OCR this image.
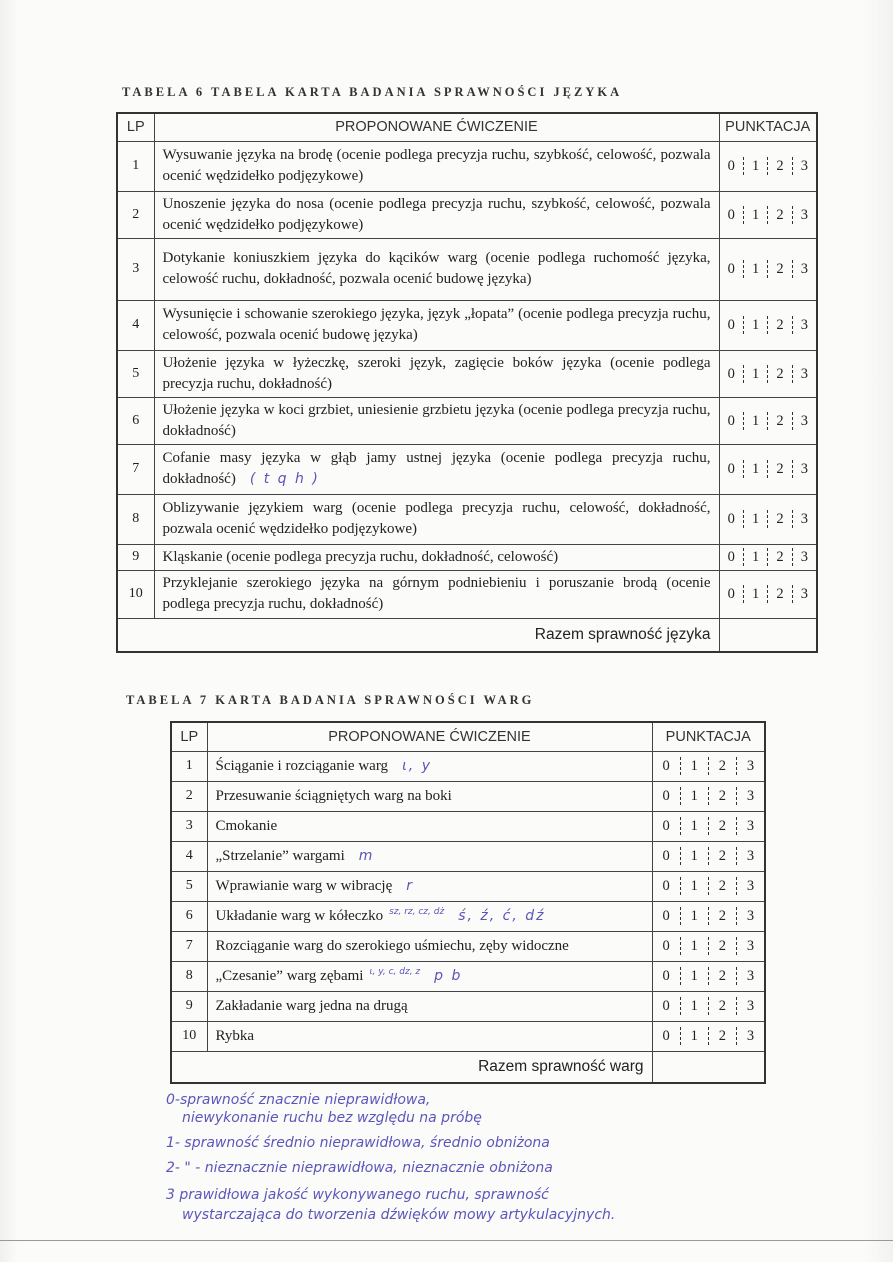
TABELA 6 TABELA KARTA BADANIA SPRAWNOŚCI JĘZYKA
LP	PROPONOWANE ĆWICZENIE	PUNKTACJA
1	Wysuwanie języka na brodę (ocenie podlega precyzja ruchu, szybkość, celowość, pozwala ocenić wędzidełko podjęzykowe)	0 1 2 3

2	Unoszenie języka do nosa (ocenie podlega precyzja ruchu, szybkość, celowość, pozwala ocenić wędzidełko podjęzykowe)	0 1 2 3

3	Dotykanie koniuszkiem języka do kącików warg (ocenie podlega ruchomość języka, celowość ruchu, dokładność, pozwala ocenić budowę języka)	0 1 2 3

4	Wysunięcie i schowanie szerokiego języka, język „łopata” (ocenie podlega precyzja ruchu, celowość, pozwala ocenić budowę języka)	0 1 2 3

5	Ułożenie języka w łyżeczkę, szeroki język, zagięcie boków języka (ocenie podlega precyzja ruchu, dokładność)	0 1 2 3

6	Ułożenie języka w koci grzbiet, uniesienie grzbietu języka (ocenie podlega precyzja ruchu, dokładność)	0 1 2 3

7	Cofanie masy języka w głąb jamy ustnej języka (ocenie podlega precyzja ruchu, dokładność) ( t q h )	0 1 2 3

8	Oblizywanie językiem warg (ocenie podlega precyzja ruchu, celowość, dokładność, pozwala ocenić wędzidełko podjęzykowe)	0 1 2 3

9	Kląskanie (ocenie podlega precyzja ruchu, dokładność, celowość)	0 1 2 3

10	Przyklejanie szerokiego języka na górnym podniebieniu i poruszanie brodą (ocenie podlega precyzja ruchu, dokładność)	0 1 2 3

Razem sprawność języka		
TABELA 7 KARTA BADANIA SPRAWNOŚCI WARG
LP	PROPONOWANE ĆWICZENIE	PUNKTACJA
1	Ściąganie i rozciąganie warg ι, y	0 1 2 3

2	Przesuwanie ściągniętych warg na boki	0 1 2 3

3	Cmokanie	0 1 2 3

4	„Strzelanie” wargami m	0 1 2 3

5	Wprawianie warg w wibrację r	0 1 2 3

6	Układanie warg w kółeczko sz, rz, cz, dż ś, ź, ć, dź	0 1 2 3

7	Rozciąganie warg do szerokiego uśmiechu, zęby widoczne	0 1 2 3

8	„Czesanie” warg zębami ι, y, c, dz, z p b	0 1 2 3

9	Zakładanie warg jedna na drugą	0 1 2 3

10	Rybka	0 1 2 3

Razem sprawność warg		
0-sprawność znacznie nieprawidłowa,
niewykonanie ruchu bez względu na próbę
1- sprawność średnio nieprawidłowa, średnio obniżona
2- " - nieznacznie nieprawidłowa, nieznacznie obniżona
3 prawidłowa jakość wykonywanego ruchu, sprawność
wystarczająca do tworzenia dźwięków mowy artykulacyjnych.
